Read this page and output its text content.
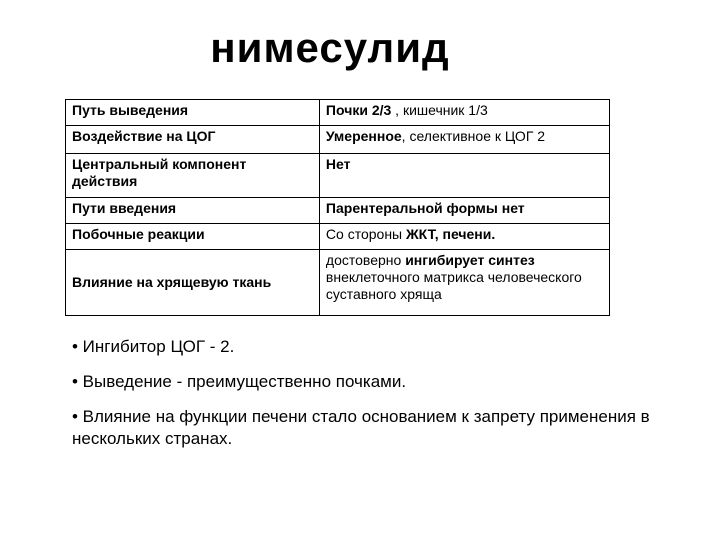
нимесулид
Путь выведения	Почки 2/3 , кишечник 1/3
Воздействие на ЦОГ	Умеренное, селективное к ЦОГ 2
Центральный компонент действия	Нет
Пути введения	Парентеральной формы нет
Побочные реакции	Со стороны ЖКТ, печени.
Влияние на хрящевую ткань	достоверно ингибирует синтез внеклеточного матрикса человеческого суставного хряща
• Ингибитор ЦОГ - 2.
• Выведение - преимущественно почками.
• Влияние на функции печени стало основанием к запрету применения в нескольких странах.
